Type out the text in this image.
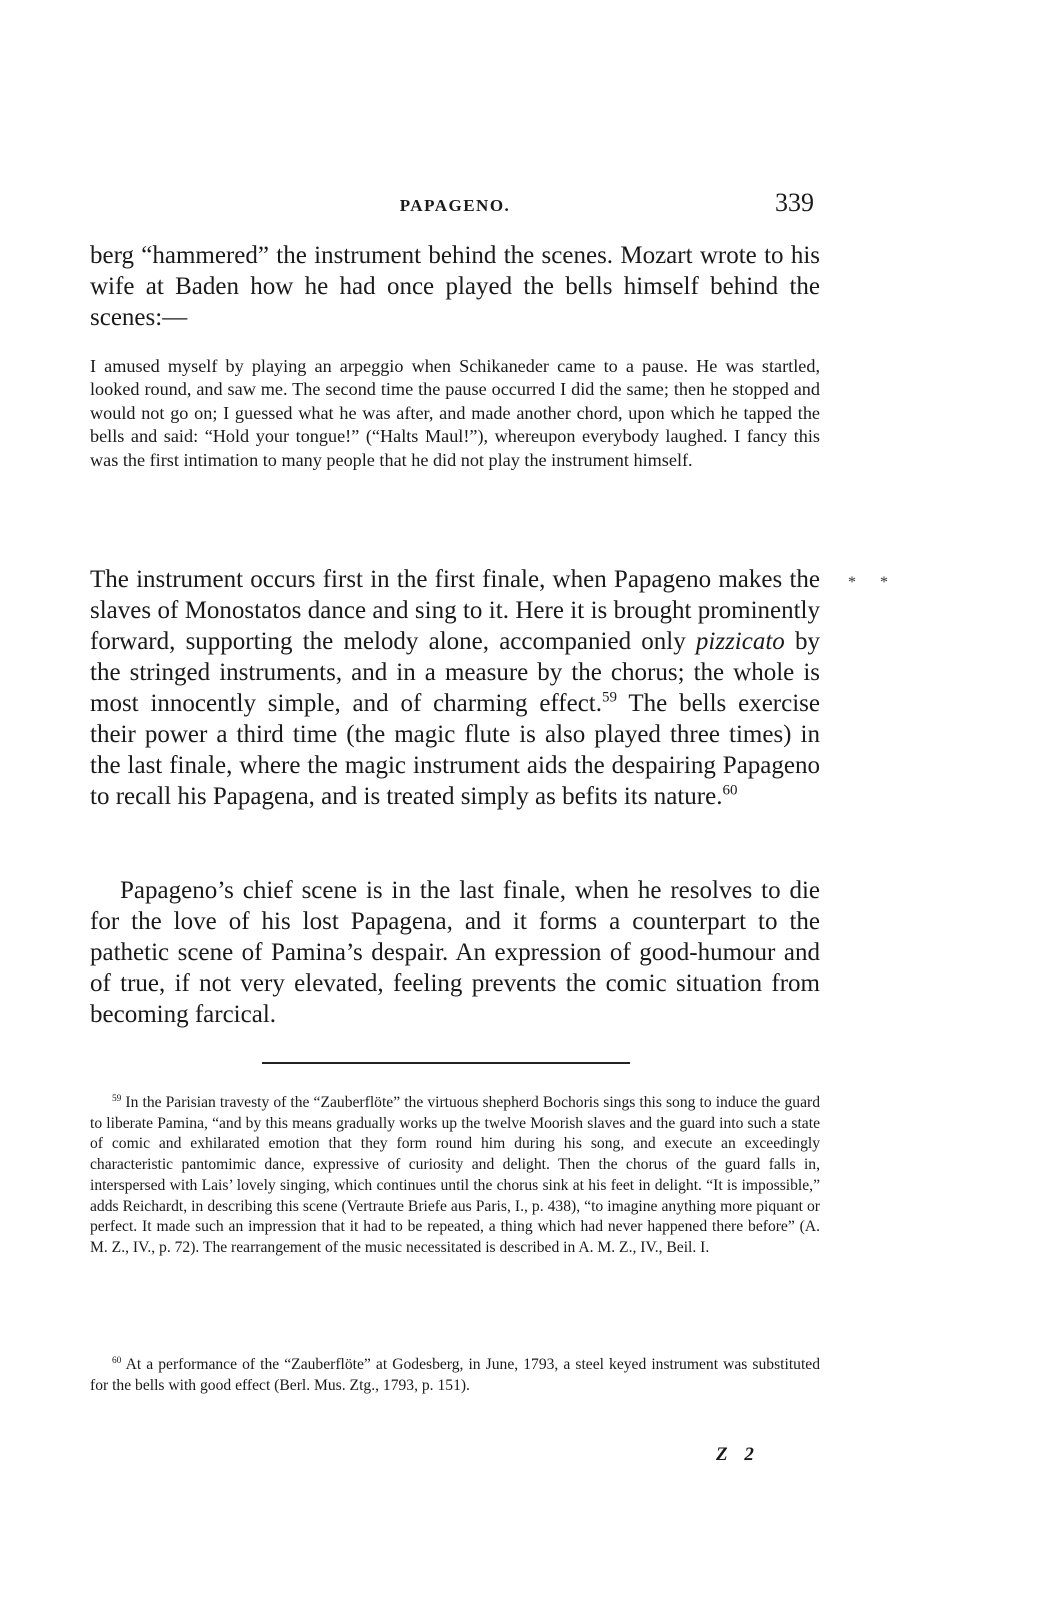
PAPAGENO.	339

berg “hammered” the instrument behind the scenes. Mozart wrote to his wife at Baden how he had once played the bells himself behind the scenes:—

I amused myself by playing an arpeggio when Schikaneder came to a pause. He was startled, looked round, and saw me. The second time the pause occurred I did the same; then he stopped and would not go on; I guessed what he was after, and made another chord, upon which he tapped the bells and said: “Hold your tongue!” (“Halts Maul!”), whereupon everybody laughed. I fancy this was the first intimation to many people that he did not play the instrument himself.

The instrument occurs first in the first finale, when Papageno makes the slaves of Monostatos dance and sing to it. Here it is brought prominently forward, supporting the melody alone, accompanied only pizzicato by the stringed instruments, and in a measure by the chorus; the whole is most innocently simple, and of charming effect.$^{59}$ The bells exercise their power a third time (the magic flute is also played three times) in the last finale, where the magic instrument aids the despairing Papageno to recall his Papagena, and is treated simply as befits its nature.$^{60}$

Papageno’s chief scene is in the last finale, when he resolves to die for the love of his lost Papagena, and it forms a counterpart to the pathetic scene of Pamina’s despair. An expression of good-humour and of true, if not very elevated, feeling prevents the comic situation from becoming farcical.

$^{59}$ In the Parisian travesty of the “Zauberflöte” the virtuous shepherd Bochoris sings this song to induce the guard to liberate Pamina, “and by this means gradually works up the twelve Moorish slaves and the guard into such a state of comic and exhilarated emotion that they form round him during his song, and execute an exceedingly characteristic pantomimic dance, expressive of curiosity and delight. Then the chorus of the guard falls in, interspersed with Lais’ lovely singing, which continues until the chorus sink at his feet in delight. “It is impossible,” adds Reichardt, in describing this scene (Vertraute Briefe aus Paris, I., p. 438), “to imagine anything more piquant or perfect. It made such an impression that it had to be repeated, a thing which had never happened there before” (A. M. Z., IV., p. 72). The rearrangement of the music necessitated is described in A. M. Z., IV., Beil. I.

$^{60}$ At a performance of the “Zauberflöte” at Godesberg, in June, 1793, a steel keyed instrument was substituted for the bells with good effect (Berl. Mus. Ztg., 1793, p. 151).

Z 2
* *
